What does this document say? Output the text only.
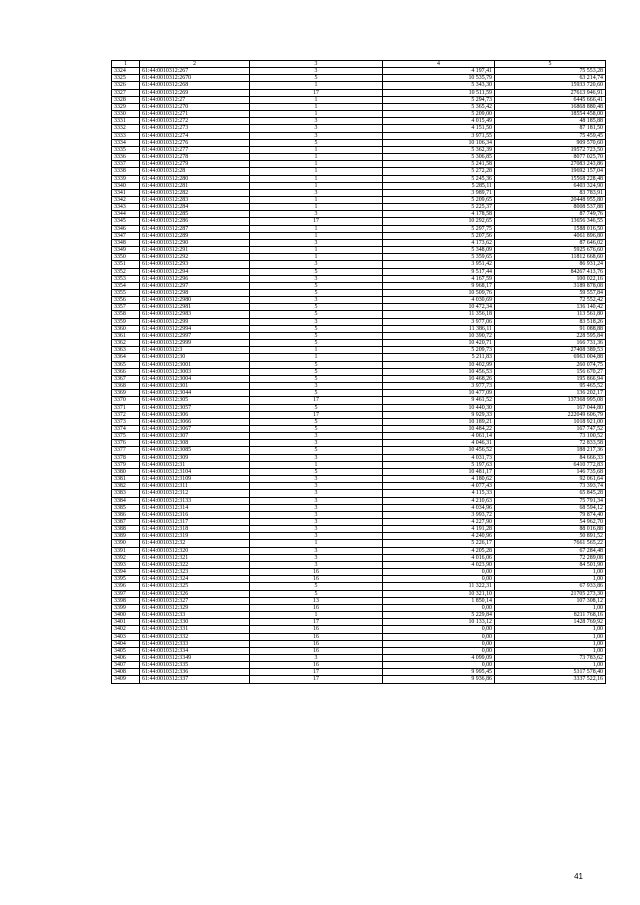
1	2	3	4	5
3324	61:44:0010312:267	3	4 197,41	75 553,28
3325	61:44:0010312:2670	5	10 535,79	63 214,74
3326	61:44:0010312:268	1	5 343,30	15933 720,60
3327	61:44:0010312:269	17	10 511,59	27613 946,91
3328	61:44:0010312:27	1	5 294,73	6445 666,41
3329	61:44:0010312:270	1	5 365,42	16868 880,48
3330	61:44:0010312:271	1	5 209,00	18554 458,00
3331	61:44:0010312:272	3	4 015,49	48 185,88
3332	61:44:0010312:273	3	4 151,50	87 181,50
3333	61:44:0010312:274	3	3 971,55	75 459,45
3334	61:44:0010312:276	5	10 106,34	909 570,60
3335	61:44:0010312:277	1	5 362,39	19572 723,50
3336	61:44:0010312:278	1	5 306,85	8077 025,70
3337	61:44:0010312:279	1	5 241,58	27083 243,86
3338	61:44:0010312:28	1	5 272,28	19692 157,04
3339	61:44:0010312:280	1	5 245,36	15568 228,48
3340	61:44:0010312:281	1	5 285,11	6403 324,90
3341	61:44:0010312:282	3	3 989,71	83 783,91
3342	61:44:0010312:283	1	5 209,65	20448 955,80
3343	61:44:0010312:284	1	5 225,37	8008 537,88
3344	61:44:0010312:285	3	4 178,58	87 749,76
3345	61:44:0010312:286	17	10 292,65	13656 346,55
3346	61:44:0010312:287	1	5 297,75	1588 016,50
3347	61:44:0010312:289	1	5 207,56	4061 896,80
3348	61:44:0010312:290	3	4 173,62	87 646,02
3349	61:44:0010312:291	1	5 348,09	5925 676,60
3350	61:44:0010312:292	1	5 359,65	11812 668,60
3351	61:44:0010312:293	3	3 951,42	86 931,24
3352	61:44:0010312:294	5	9 517,44	84267 413,76
3353	61:44:0010312:296	3	4 167,59	100 022,16
3354	61:44:0010312:297	5	9 968,17	3189 878,08
3355	61:44:0010312:298	5	10 509,76	59 557,84
3356	61:44:0010312:2980	3	4 030,69	72 552,42
3357	61:44:0010312:2981	5	10 472,34	136 140,42
3358	61:44:0010312:2983	5	11 356,18	113 561,80
3359	61:44:0010312:299	3	3 977,06	83 518,26
3360	61:44:0010312:2994	5	11 386,11	91 088,88
3361	61:44:0010312:2997	5	10 390,72	228 595,84
3362	61:44:0010312:2999	5	10 420,71	166 731,36
3363	61:44:0010312:3	1	5 209,73	27408 389,53
3364	61:44:0010312:30	1	5 211,83	6963 004,88
3365	61:44:0010312:3001	5	10 402,99	260 074,75
3366	61:44:0010312:3003	5	10 456,53	156 670,27
3367	61:44:0010312:3004	5	10 468,26	195 866,94
3368	61:44:0010312:301	3	3 977,73	95 465,52
3369	61:44:0010312:3044	5	10 477,09	136 202,17
3370	61:44:0010312:305	17	9 461,52	137368 995,08
3371	61:44:0010312:3057	5	10 440,30	167 044,80
3372	61:44:0010312:306	17	9 929,33	222049 606,79
3373	61:44:0010312:3066	5	10 189,21	1018 921,00
3374	61:44:0010312:3067	5	10 484,22	167 747,52
3375	61:44:0010312:307	3	4 061,14	73 100,52
3376	61:44:0010312:308	3	4 046,31	72 833,58
3377	61:44:0010312:3085	5	10 456,52	188 217,36
3378	61:44:0010312:309	3	4 031,73	84 666,33
3379	61:44:0010312:31	1	5 197,63	6410 772,83
3380	61:44:0010312:3104	5	10 481,17	146 735,68
3381	61:44:0010312:3109	3	4 180,62	92 061,64
3382	61:44:0010312:311	3	4 077,43	73 393,74
3383	61:44:0010312:312	3	4 115,33	65 845,28
3384	61:44:0010312:3133	3	4 210,63	75 791,34
3385	61:44:0010312:314	3	4 034,96	68 594,12
3386	61:44:0010312:316	3	3 993,72	79 874,40
3387	61:44:0010312:317	3	4 227,90	54 962,70
3388	61:44:0010312:318	3	4 191,28	88 016,88
3389	61:44:0010312:319	3	4 240,96	50 891,52
3390	61:44:0010312:32	1	5 226,17	7661 565,22
3391	61:44:0010312:320	3	4 205,28	67 284,48
3392	61:44:0010312:321	3	4 016,06	72 289,08
3393	61:44:0010312:322	3	4 023,90	84 501,90
3394	61:44:0010312:323	16	0,00	1,00
3395	61:44:0010312:324	16	0,00	1,00
3396	61:44:0010312:325	5	11 322,31	67 933,86
3397	61:44:0010312:326	5	10 321,10	21705 273,30
3398	61:44:0010312:327	13	1 850,14	107 308,12
3399	61:44:0010312:329	16	0,00	1,00
3400	61:44:0010312:33	1	5 229,84	8211 768,16
3401	61:44:0010312:330	17	10 133,12	1428 769,92
3402	61:44:0010312:331	16	0,00	1,00
3403	61:44:0010312:332	16	0,00	1,00
3404	61:44:0010312:333	16	0,00	1,00
3405	61:44:0010312:334	16	0,00	1,00
3406	61:44:0010312:3349	3	4 099,09	73 783,62
3407	61:44:0010312:335	16	0,00	1,00
3408	61:44:0010312:336	17	9 995,45	5317 578,40
3409	61:44:0010312:337	17	9 936,86	3337 522,16
41
